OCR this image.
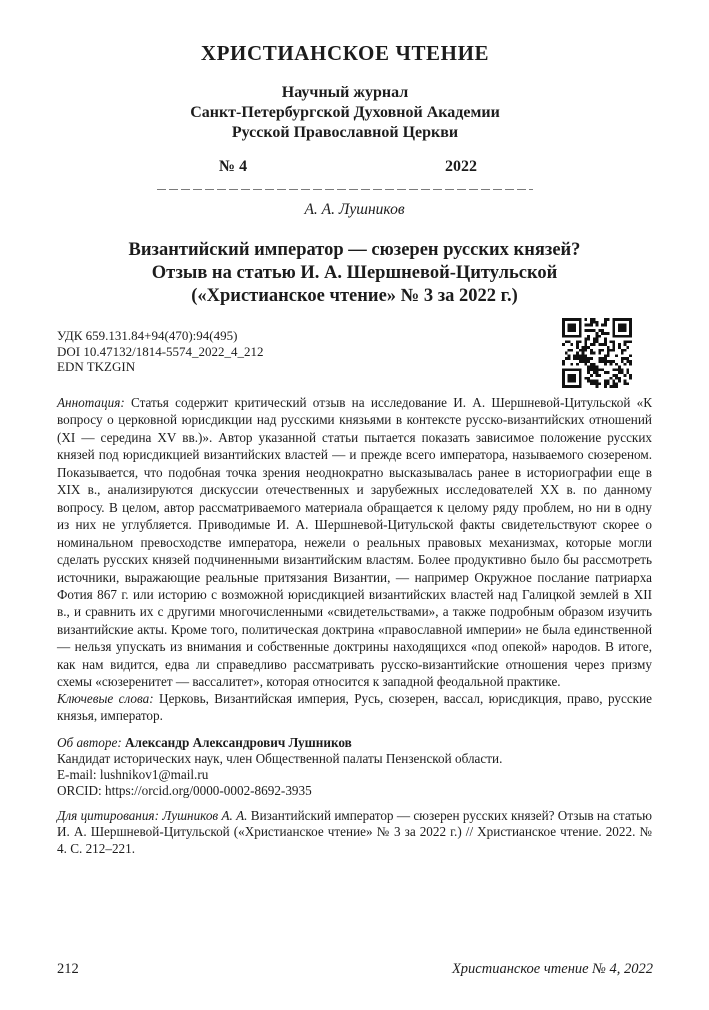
ХРИСТИАНСКОЕ ЧТЕНИЕ
Научный журнал
Санкт-Петербургской Духовной Академии
Русской Православной Церкви
№ 4	2022
А. А. Лушников
Византийский император — сюзерен русских князей?
Отзыв на статью И. А. Шершневой-Цитульской
(«Христианское чтение» № 3 за 2022 г.)
УДК 659.131.84+94(470):94(495)
DOI 10.47132/1814-5574_2022_4_212
EDN TKZGIN

Аннотация: Статья содержит критический отзыв на исследование И. А. Шершневой-Цитульской «К вопросу о церковной юрисдикции над русскими князьями в контексте русско-византийских отношений (XI — середина XV вв.)». Автор указанной статьи пытается показать зависимое положение русских князей под юрисдикцией византийских властей — и прежде всего императора, называемого сюзереном. Показывается, что подобная точка зрения неоднократно высказывалась ранее в историографии еще в XIX в., анализируются дискуссии отечественных и зарубежных исследователей XX в. по данному вопросу. В целом, автор рассматриваемого материала обращается к целому ряду проблем, но ни в одну из них не углубляется. Приводимые И. А. Шершневой-Цитульской факты свидетельствуют скорее о номинальном превосходстве императора, нежели о реальных правовых механизмах, которые могли сделать русских князей подчиненными византийским властям. Более продуктивно было бы рассмотреть источники, выражающие реальные притязания Византии, — например Окружное послание патриарха Фотия 867 г. или историю с возможной юрисдикцией византийских властей над Галицкой землей в XII в., и сравнить их с другими многочисленными «свидетельствами», а также подробным образом изучить византийские акты. Кроме того, политическая доктрина «православной империи» не была единственной — нельзя упускать из внимания и собственные доктрины находящихся «под опекой» народов. В итоге, как нам видится, едва ли справедливо рассматривать русско-византийские отношения через призму схемы «сюзеренитет — вассалитет», которая относится к западной феодальной практике.

Ключевые слова: Церковь, Византийская империя, Русь, сюзерен, вассал, юрисдикция, право, русские князья, император.

Об авторе: Александр Александрович Лушников

Кандидат исторических наук, член Общественной палаты Пензенской области.

E-mail: lushnikov1@mail.ru

ORCID: https://orcid.org/0000-0002-8692-3935

Для цитирования: Лушников А. А. Византийский император — сюзерен русских князей? Отзыв на статью И. А. Шершневой-Цитульской («Христианское чтение» № 3 за 2022 г.) // Христианское чтение. 2022. № 4. С. 212–221.

212	Христианское чтение № 4, 2022
